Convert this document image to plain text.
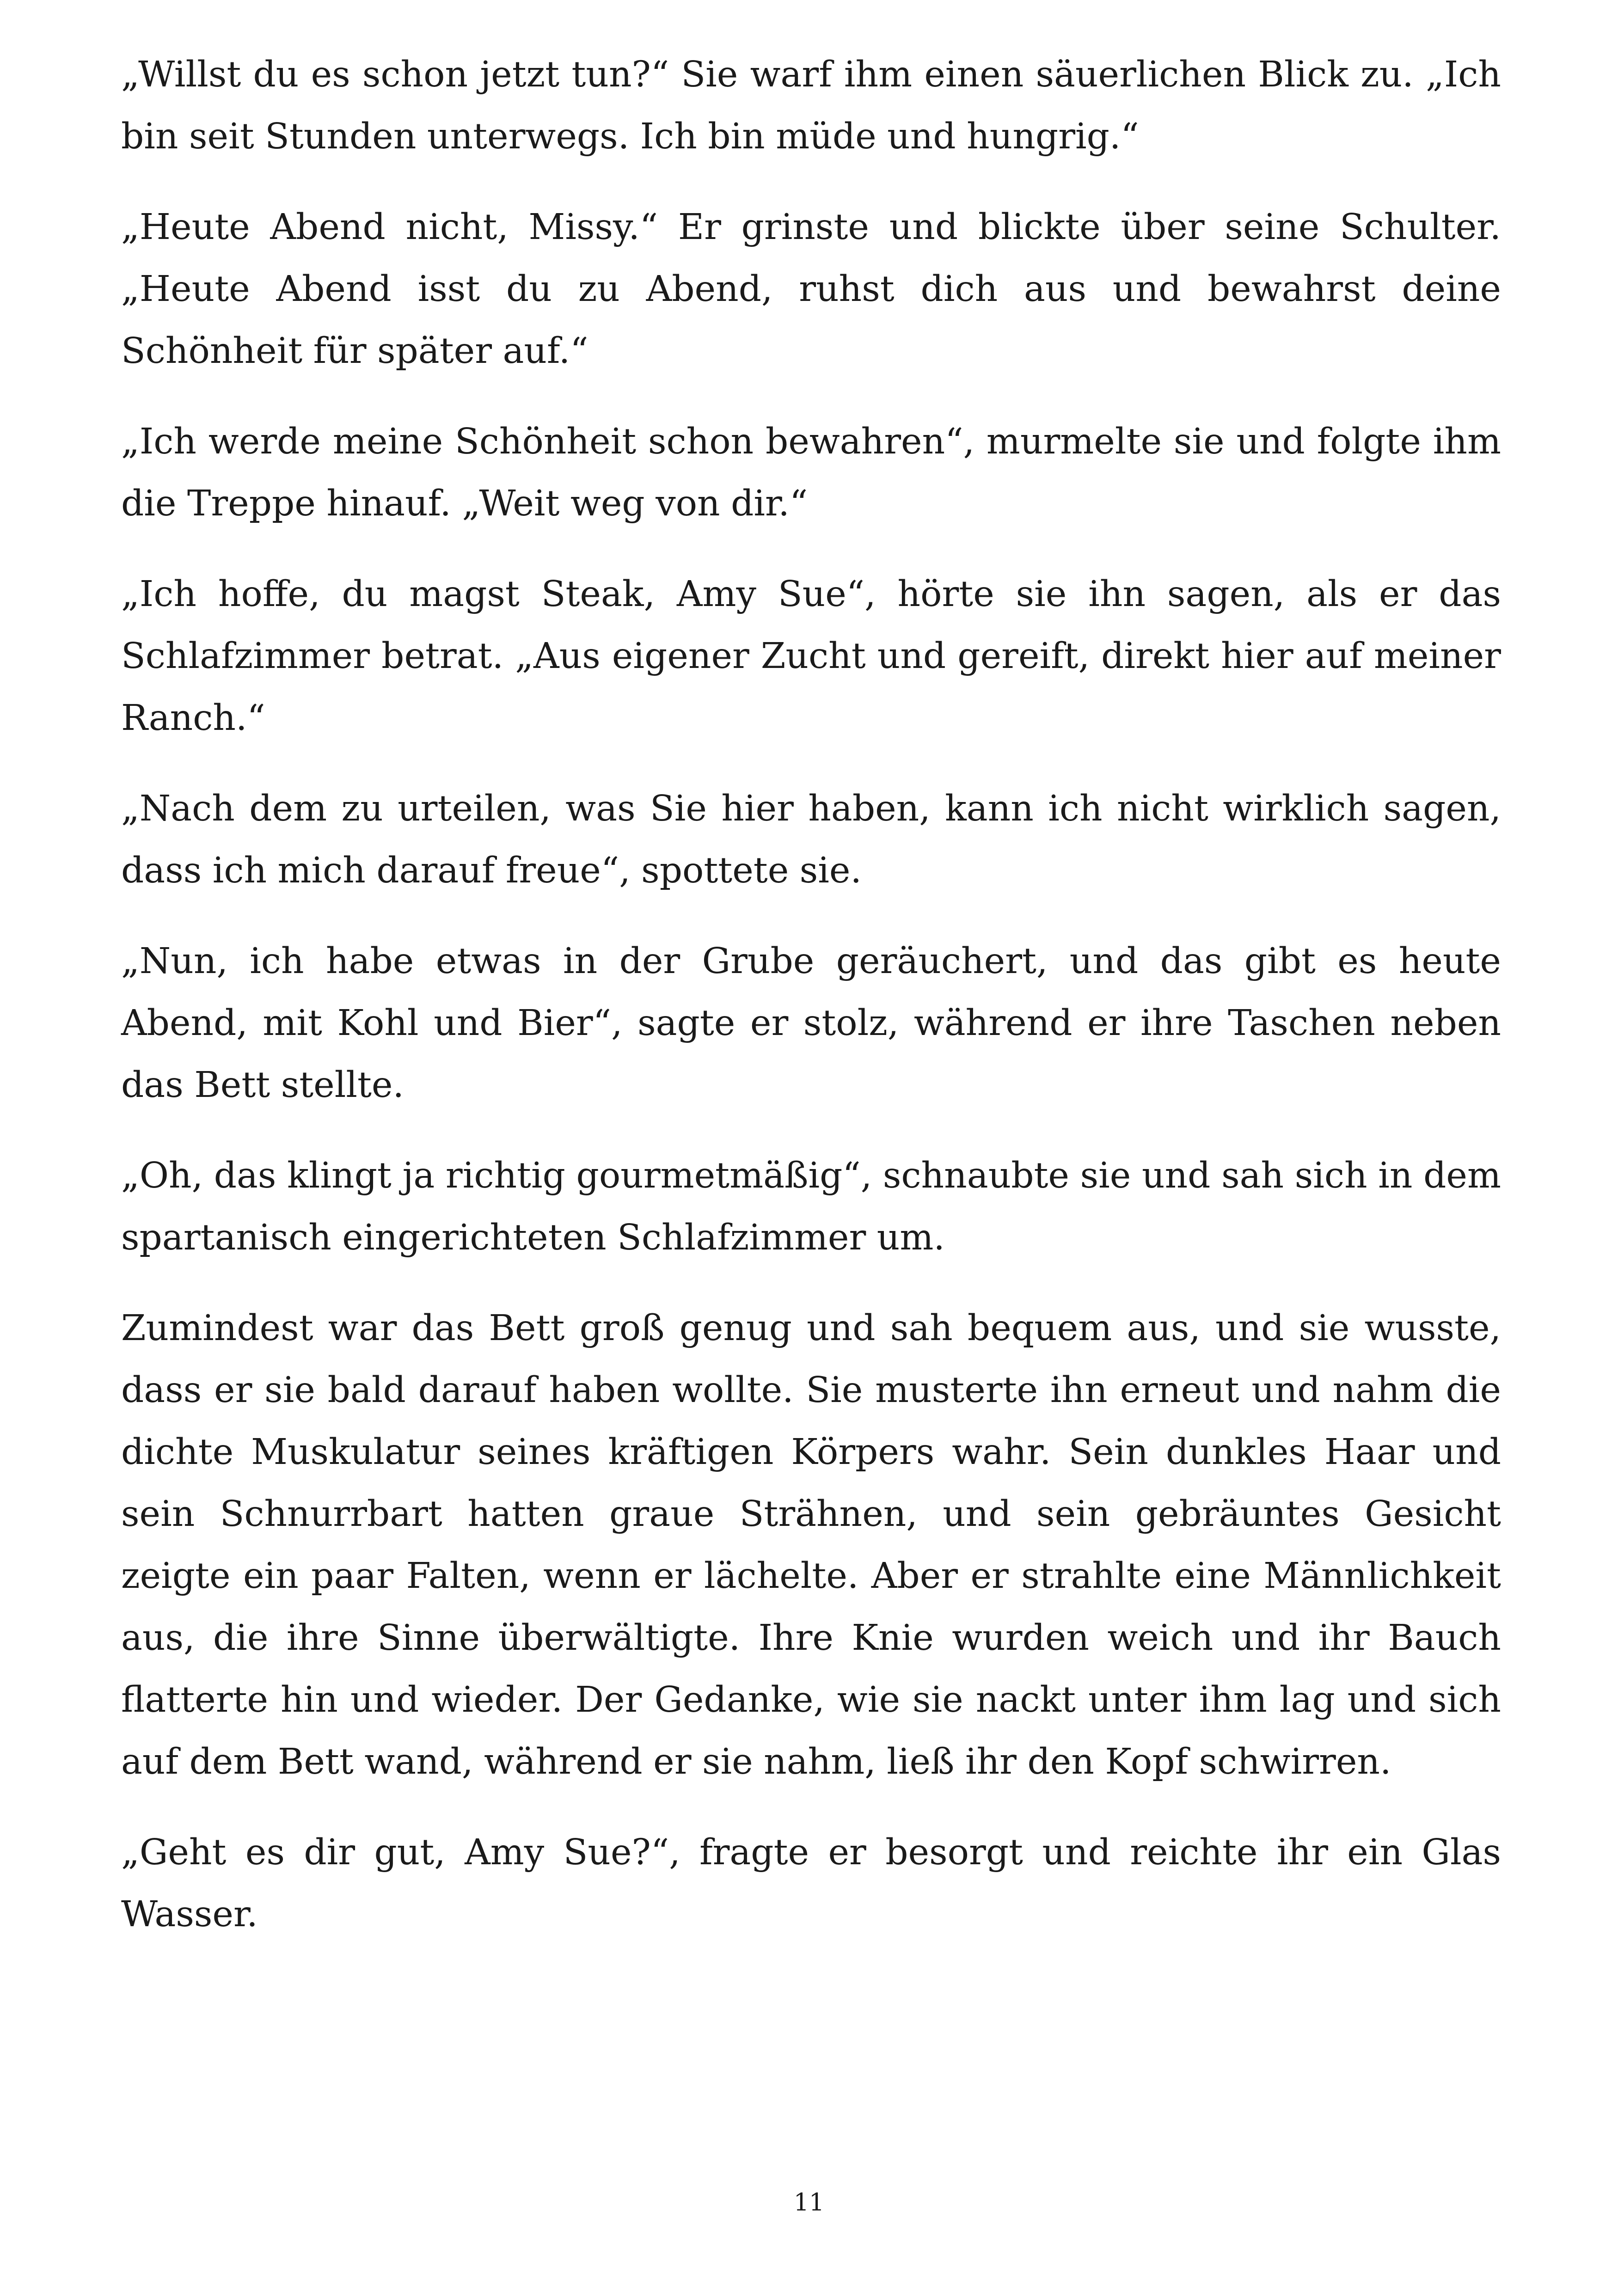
„Willst du es schon jetzt tun?“ Sie warf ihm einen säuerlichen Blick zu. „Ich bin seit Stunden unterwegs. Ich bin müde und hungrig.“

„Heute Abend nicht, Missy.“ Er grinste und blickte über seine Schulter. „Heute Abend isst du zu Abend, ruhst dich aus und bewahrst deine Schönheit für später auf.“

„Ich werde meine Schönheit schon bewahren“, murmelte sie und folgte ihm die Treppe hinauf. „Weit weg von dir.“

„Ich hoffe, du magst Steak, Amy Sue“, hörte sie ihn sagen, als er das Schlafzimmer betrat. „Aus eigener Zucht und gereift, direkt hier auf meiner Ranch.“

„Nach dem zu urteilen, was Sie hier haben, kann ich nicht wirklich sagen, dass ich mich darauf freue“, spottete sie.

„Nun, ich habe etwas in der Grube geräuchert, und das gibt es heute Abend, mit Kohl und Bier“, sagte er stolz, während er ihre Taschen neben das Bett stellte.

„Oh, das klingt ja richtig gourmetmäßig“, schnaubte sie und sah sich in dem spartanisch eingerichteten Schlafzimmer um.

Zumindest war das Bett groß genug und sah bequem aus, und sie wusste, dass er sie bald darauf haben wollte. Sie musterte ihn erneut und nahm die dichte Muskulatur seines kräftigen Körpers wahr. Sein dunkles Haar und sein Schnurrbart hatten graue Strähnen, und sein gebräuntes Gesicht zeigte ein paar Falten, wenn er lächelte. Aber er strahlte eine Männlichkeit aus, die ihre Sinne überwältigte. Ihre Knie wurden weich und ihr Bauch flatterte hin und wieder. Der Gedanke, wie sie nackt unter ihm lag und sich auf dem Bett wand, während er sie nahm, ließ ihr den Kopf schwirren.

„Geht es dir gut, Amy Sue?“, fragte er besorgt und reichte ihr ein Glas Wasser.

11
